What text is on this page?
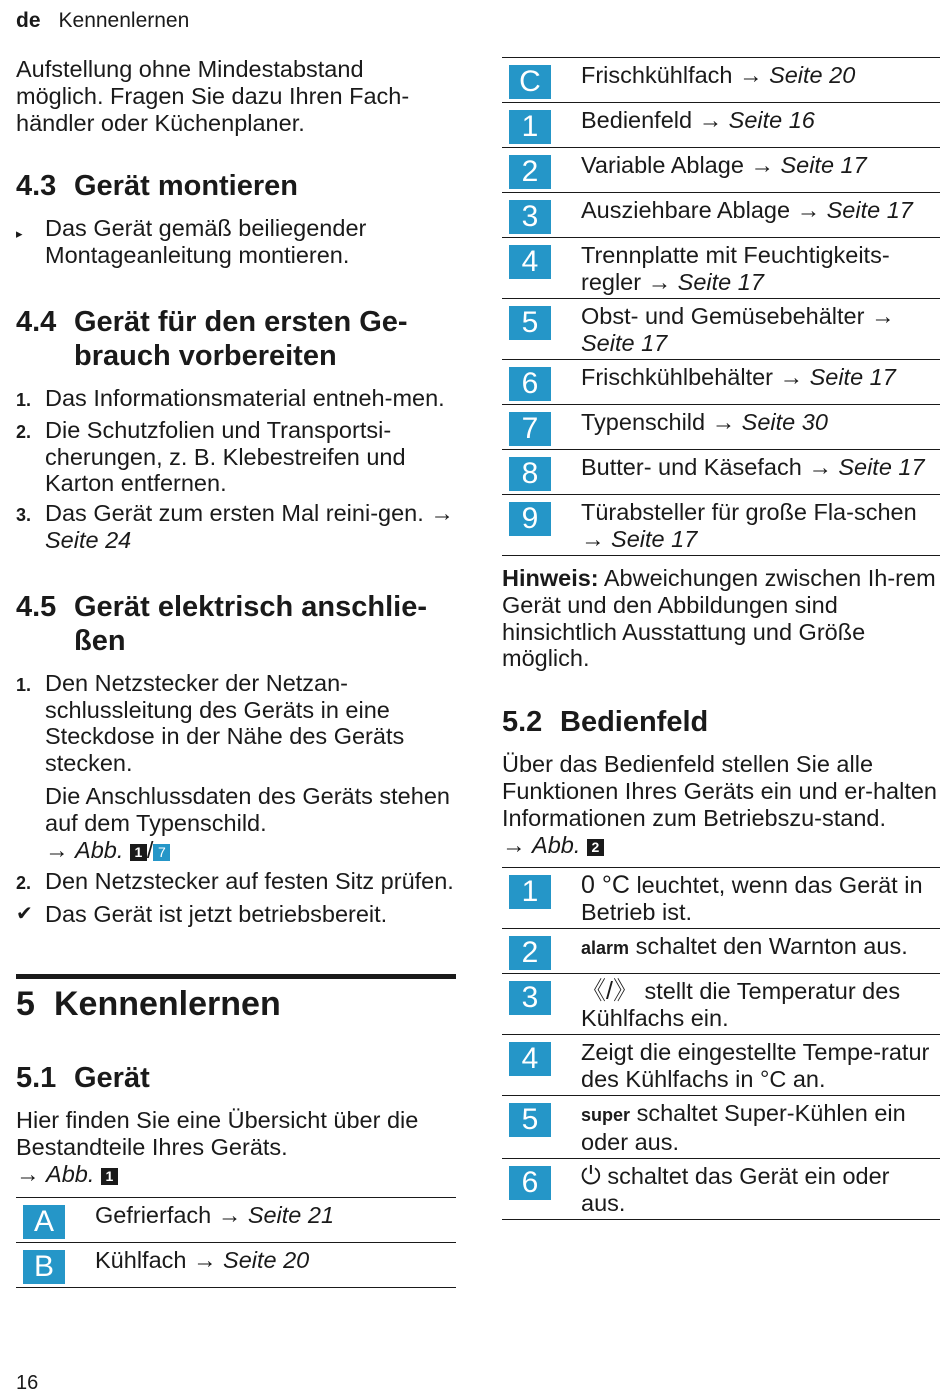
de Kennenlernen

Aufstellung ohne Mindestabstand möglich. Fragen Sie dazu Ihren Fach-händler oder Küchenplaner.

4.3 Gerät montieren
▸ Das Gerät gemäß beiliegender Montageanleitung montieren.
4.4 Gerät für den ersten Ge-brauch vorbereiten
1. Das Informationsmaterial entneh-men.
2. Die Schutzfolien und Transportsi-cherungen, z. B. Klebestreifen und Karton entfernen.
3. Das Gerät zum ersten Mal reini-gen. → Seite 24
4.5 Gerät elektrisch anschlie-ßen
1. Den Netzstecker der Netzan-schlussleitung des Geräts in eine Steckdose in der Nähe des Geräts stecken.
Die Anschlussdaten des Geräts stehen auf dem Typenschild.
→ Abb. 1 / 7
2. Den Netzstecker auf festen Sitz prüfen.
✔ Das Gerät ist jetzt betriebsbereit.
5 Kennenlernen
5.1 Gerät

Hier finden Sie eine Übersicht über die Bestandteile Ihres Geräts.

→ Abb. 1

A	Gefrierfach → Seite 21
B	Kühlfach → Seite 20
C	Frischkühlfach → Seite 20
1	Bedienfeld → Seite 16
2	Variable Ablage → Seite 17
3	Ausziehbare Ablage → Seite 17
4	Trennplatte mit Feuchtigkeits-regler → Seite 17
5	Obst- und Gemüsebehälter → Seite 17
6	Frischkühlbehälter → Seite 17
7	Typenschild → Seite 30
8	Butter- und Käsefach → Seite 17
9	Türabsteller für große Fla-schen → Seite 17

Hinweis: Abweichungen zwischen Ih-rem Gerät und den Abbildungen sind hinsichtlich Ausstattung und Größe möglich.

5.2 Bedienfeld

Über das Bedienfeld stellen Sie alle Funktionen Ihres Geräts ein und er-halten Informationen zum Betriebszu-stand.

→ Abb. 2

1	0 °C leuchtet, wenn das Gerät in Betrieb ist.
2	alarm schaltet den Warnton aus.
3	《/》 stellt die Temperatur des Kühlfachs ein.
4	Zeigt die eingestellte Tempe-ratur des Kühlfachs in °C an.
5	super schaltet Super-Kühlen ein oder aus.
6	⏻ schaltet das Gerät ein oder aus.
16
